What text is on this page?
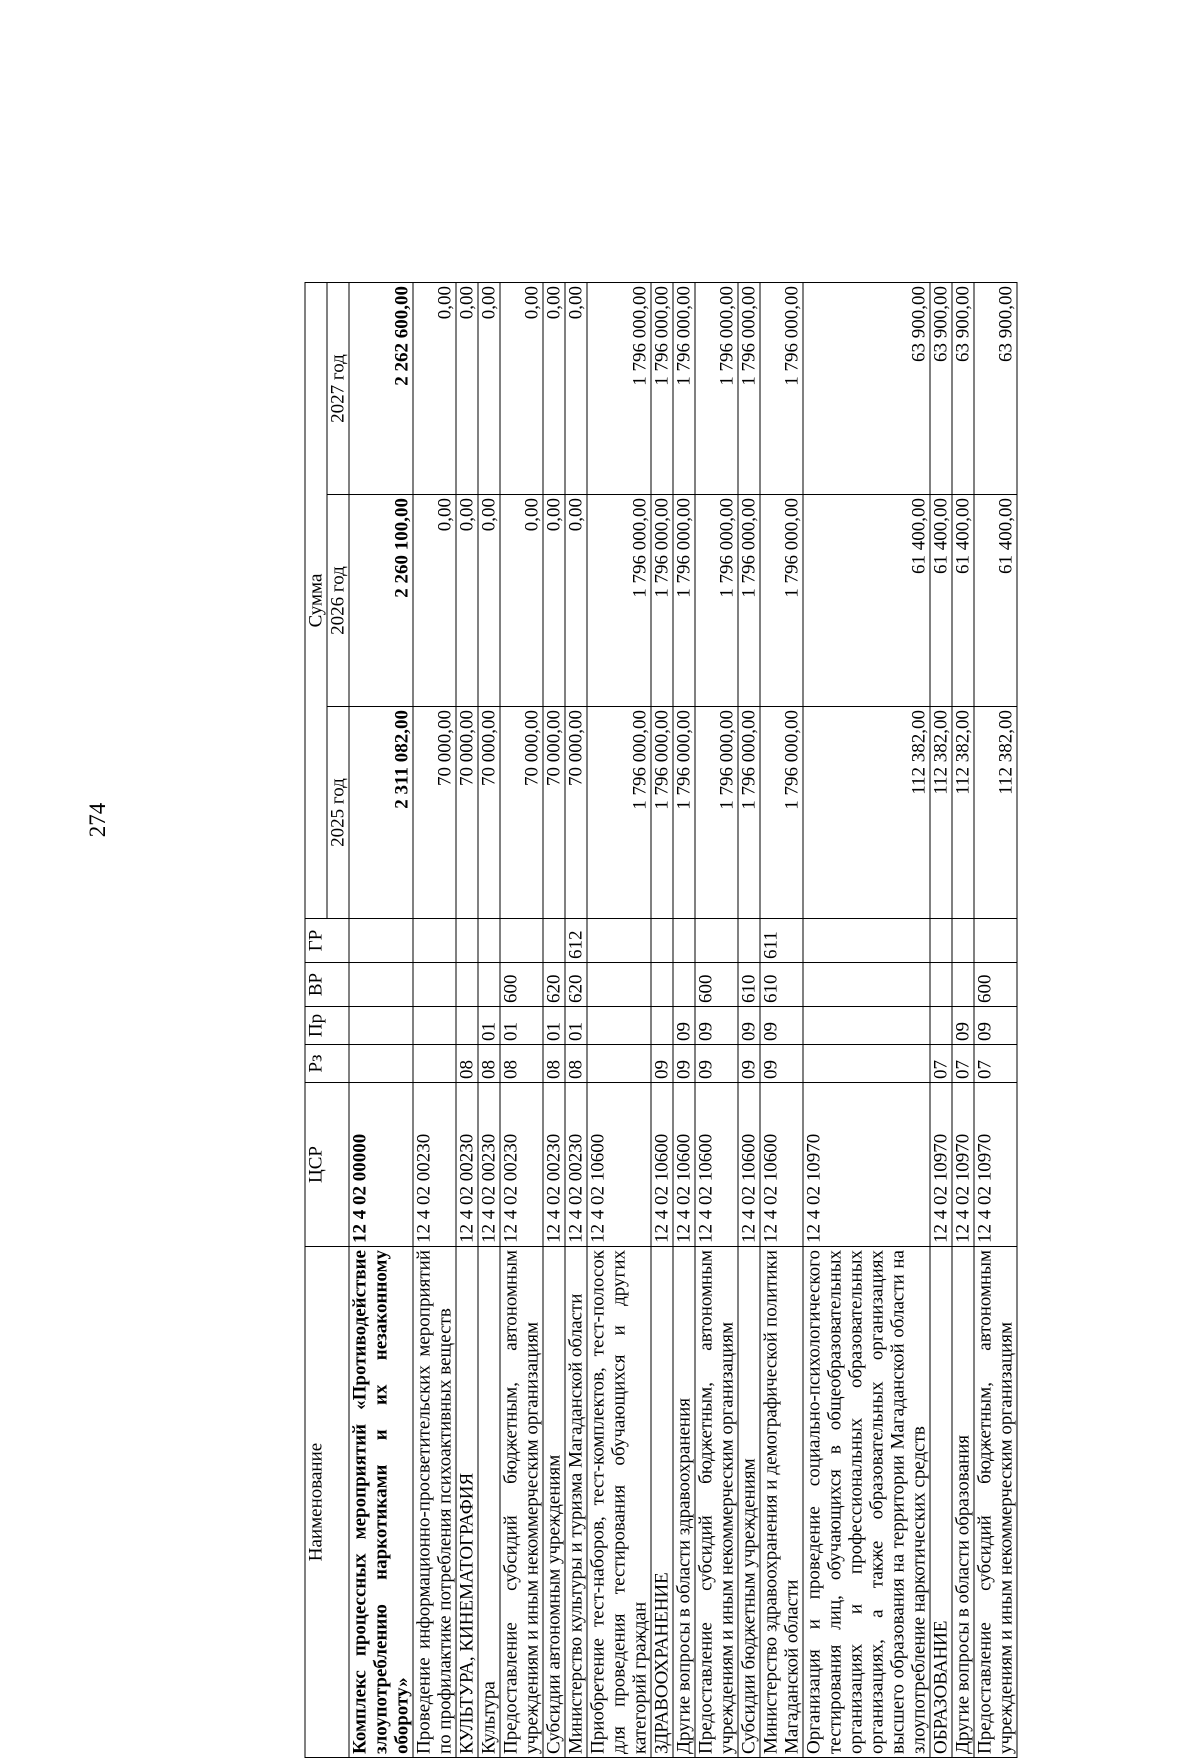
274
Наименование	ЦСР	Рз	Пр	ВР	ГР	Сумма		
						2025 год	2026 год	2027 год
Комплекс процессных мероприятий «Противодействие злоупотреблению наркотиками и их незаконному обороту»	12 4 02 00000					2 311 082,00	2 260 100,00	2 262 600,00
Проведение информационно-просветительских мероприятий по профилактике потребления психоактивных веществ	12 4 02 00230					70 000,00	0,00	0,00
КУЛЬТУРА, КИНЕМАТОГРАФИЯ	12 4 02 00230	08				70 000,00	0,00	0,00
Культура	12 4 02 00230	08	01			70 000,00	0,00	0,00
Предоставление субсидий бюджетным, автономным учреждениям и иным некоммерческим организациям	12 4 02 00230	08	01	600		70 000,00	0,00	0,00
Субсидии автономным учреждениям	12 4 02 00230	08	01	620		70 000,00	0,00	0,00
Министерство культуры и туризма Магаданской области	12 4 02 00230	08	01	620	612	70 000,00	0,00	0,00
Приобретение тест-наборов, тест-комплектов, тест-полосок для проведения тестирования обучающихся и других категорий граждан	12 4 02 10600					1 796 000,00	1 796 000,00	1 796 000,00
ЗДРАВООХРАНЕНИЕ	12 4 02 10600	09				1 796 000,00	1 796 000,00	1 796 000,00
Другие вопросы в области здравоохранения	12 4 02 10600	09	09			1 796 000,00	1 796 000,00	1 796 000,00
Предоставление субсидий бюджетным, автономным учреждениям и иным некоммерческим организациям	12 4 02 10600	09	09	600		1 796 000,00	1 796 000,00	1 796 000,00
Субсидии бюджетным учреждениям	12 4 02 10600	09	09	610		1 796 000,00	1 796 000,00	1 796 000,00
Министерство здравоохранения и демографической политики Магаданской области	12 4 02 10600	09	09	610	611	1 796 000,00	1 796 000,00	1 796 000,00
Организация и проведение социально-психологического тестирования лиц, обучающихся в общеобразовательных организациях и профессиональных образовательных организациях, а также образовательных организациях высшего образования на территории Магаданской области на злоупотребление наркотических средств	12 4 02 10970					112 382,00	61 400,00	63 900,00
ОБРАЗОВАНИЕ	12 4 02 10970	07				112 382,00	61 400,00	63 900,00
Другие вопросы в области образования	12 4 02 10970	07	09			112 382,00	61 400,00	63 900,00
Предоставление субсидий бюджетным, автономным учреждениям и иным некоммерческим организациям	12 4 02 10970	07	09	600		112 382,00	61 400,00	63 900,00
